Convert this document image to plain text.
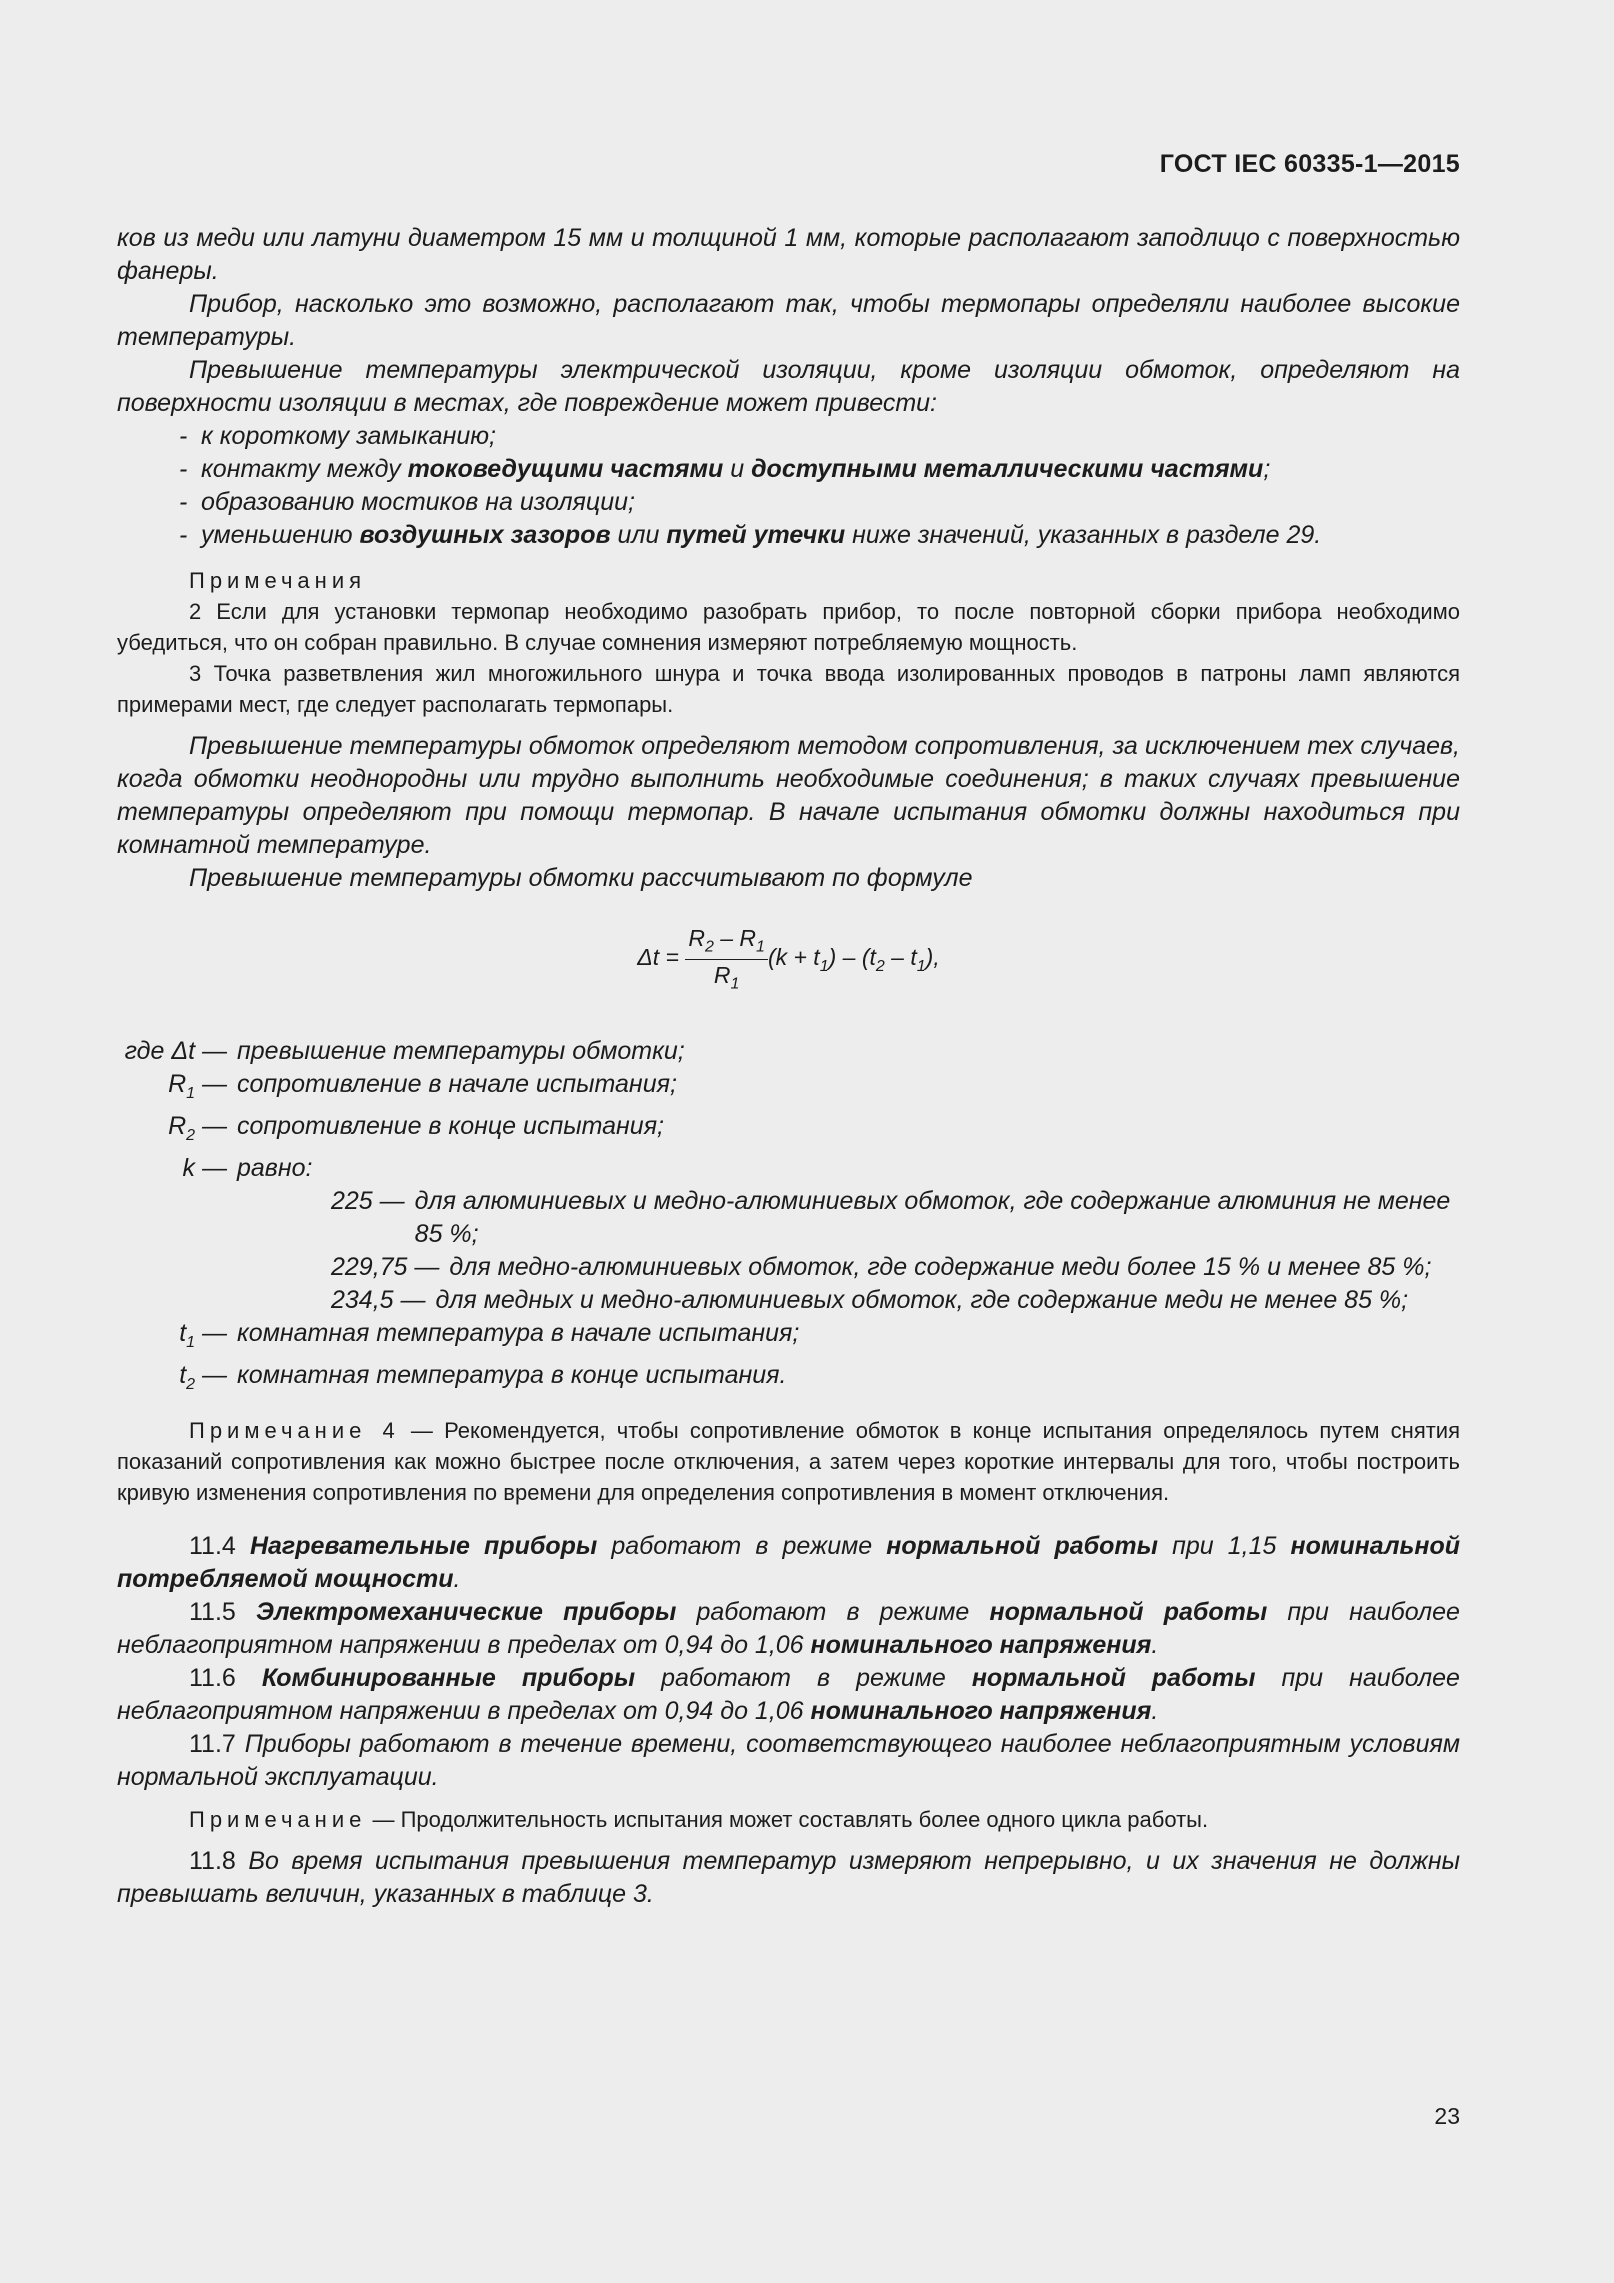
ГОСТ IEC 60335-1—2015

ков из меди или латуни диаметром 15 мм и толщиной 1 мм, которые располагают заподлицо с поверхностью фанеры.

Прибор, насколько это возможно, располагают так, чтобы термопары определяли наиболее высокие температуры.

Превышение температуры электрической изоляции, кроме изоляции обмоток, определяют на поверхности изоляции в местах, где повреждение может привести:

- к короткому замыканию;
- контакту между токоведущими частями и доступными металлическими частями;
- образованию мостиков на изоляции;
- уменьшению воздушных зазоров или путей утечки ниже значений, указанных в разделе 29.

Примечания

2 Если для установки термопар необходимо разобрать прибор, то после повторной сборки прибора необходимо убедиться, что он собран правильно. В случае сомнения измеряют потребляемую мощность.

3 Точка разветвления жил многожильного шнура и точка ввода изолированных проводов в патроны ламп являются примерами мест, где следует располагать термопары.

Превышение температуры обмоток определяют методом сопротивления, за исключением тех случаев, когда обмотки неоднородны или трудно выполнить необходимые соединения; в таких случаях превышение температуры определяют при помощи термопар. В начале испытания обмотки должны находиться при комнатной температуре.

Превышение температуры обмотки рассчитывают по формуле

$\Delta t = \frac{R_2 - R_1}{R_1} (k + t_1) - (t_2 - t_1)$,
где Δt — превышение температуры обмотки;
$R_1$ — сопротивление в начале испытания;
$R_2$ — сопротивление в конце испытания;
k — равно:
225 — для алюминиевых и медно-алюминиевых обмоток, где содержание алюминия не менее 85 %;
229,75 — для медно-алюминиевых обмоток, где содержание меди более 15 % и менее 85 %;
234,5 — для медных и медно-алюминиевых обмоток, где содержание меди не менее 85 %;
$t_1$ — комнатная температура в начале испытания;
$t_2$ — комнатная температура в конце испытания.

Примечание 4 — Рекомендуется, чтобы сопротивление обмоток в конце испытания определялось путем снятия показаний сопротивления как можно быстрее после отключения, а затем через короткие интервалы для того, чтобы построить кривую изменения сопротивления по времени для определения сопротивления в момент отключения.

11.4 Нагревательные приборы работают в режиме нормальной работы при 1,15 номинальной потребляемой мощности.

11.5 Электромеханические приборы работают в режиме нормальной работы при наиболее неблагоприятном напряжении в пределах от 0,94 до 1,06 номинального напряжения.

11.6 Комбинированные приборы работают в режиме нормальной работы при наиболее неблагоприятном напряжении в пределах от 0,94 до 1,06 номинального напряжения.

11.7 Приборы работают в течение времени, соответствующего наиболее неблагоприятным условиям нормальной эксплуатации.

Примечание — Продолжительность испытания может составлять более одного цикла работы.

11.8 Во время испытания превышения температур измеряют непрерывно, и их значения не должны превышать величин, указанных в таблице 3.

23
